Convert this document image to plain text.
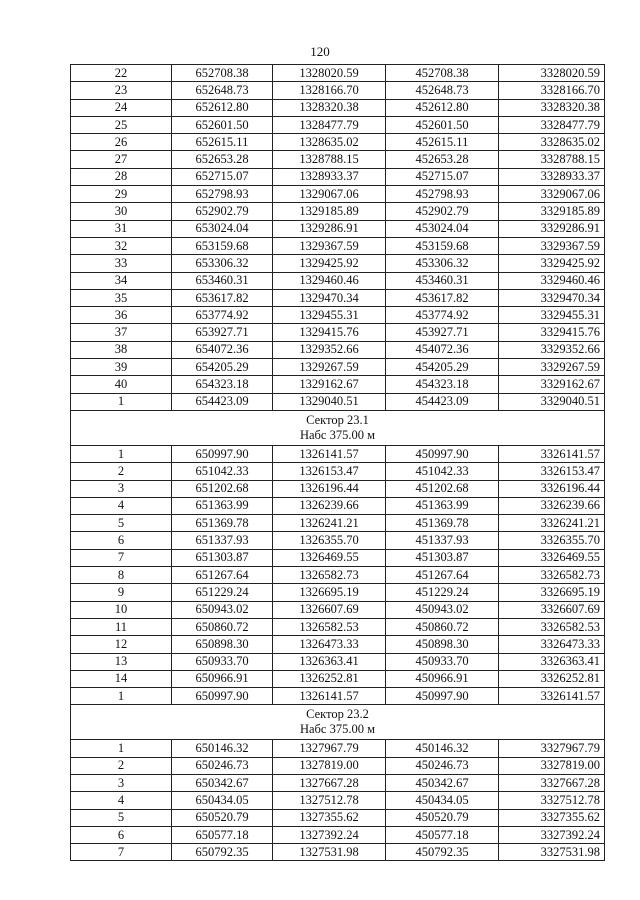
120
22	652708.38	1328020.59	452708.38	3328020.59
23	652648.73	1328166.70	452648.73	3328166.70
24	652612.80	1328320.38	452612.80	3328320.38
25	652601.50	1328477.79	452601.50	3328477.79
26	652615.11	1328635.02	452615.11	3328635.02
27	652653.28	1328788.15	452653.28	3328788.15
28	652715.07	1328933.37	452715.07	3328933.37
29	652798.93	1329067.06	452798.93	3329067.06
30	652902.79	1329185.89	452902.79	3329185.89
31	653024.04	1329286.91	453024.04	3329286.91
32	653159.68	1329367.59	453159.68	3329367.59
33	653306.32	1329425.92	453306.32	3329425.92
34	653460.31	1329460.46	453460.31	3329460.46
35	653617.82	1329470.34	453617.82	3329470.34
36	653774.92	1329455.31	453774.92	3329455.31
37	653927.71	1329415.76	453927.71	3329415.76
38	654072.36	1329352.66	454072.36	3329352.66
39	654205.29	1329267.59	454205.29	3329267.59
40	654323.18	1329162.67	454323.18	3329162.67
1	654423.09	1329040.51	454423.09	3329040.51

Сектор 23.1
Набс 375.00 м				

1	650997.90	1326141.57	450997.90	3326141.57
2	651042.33	1326153.47	451042.33	3326153.47
3	651202.68	1326196.44	451202.68	3326196.44
4	651363.99	1326239.66	451363.99	3326239.66
5	651369.78	1326241.21	451369.78	3326241.21
6	651337.93	1326355.70	451337.93	3326355.70
7	651303.87	1326469.55	451303.87	3326469.55
8	651267.64	1326582.73	451267.64	3326582.73
9	651229.24	1326695.19	451229.24	3326695.19
10	650943.02	1326607.69	450943.02	3326607.69
11	650860.72	1326582.53	450860.72	3326582.53
12	650898.30	1326473.33	450898.30	3326473.33
13	650933.70	1326363.41	450933.70	3326363.41
14	650966.91	1326252.81	450966.91	3326252.81
1	650997.90	1326141.57	450997.90	3326141.57

Сектор 23.2
Набс 375.00 м				

1	650146.32	1327967.79	450146.32	3327967.79
2	650246.73	1327819.00	450246.73	3327819.00
3	650342.67	1327667.28	450342.67	3327667.28
4	650434.05	1327512.78	450434.05	3327512.78
5	650520.79	1327355.62	450520.79	3327355.62
6	650577.18	1327392.24	450577.18	3327392.24
7	650792.35	1327531.98	450792.35	3327531.98
